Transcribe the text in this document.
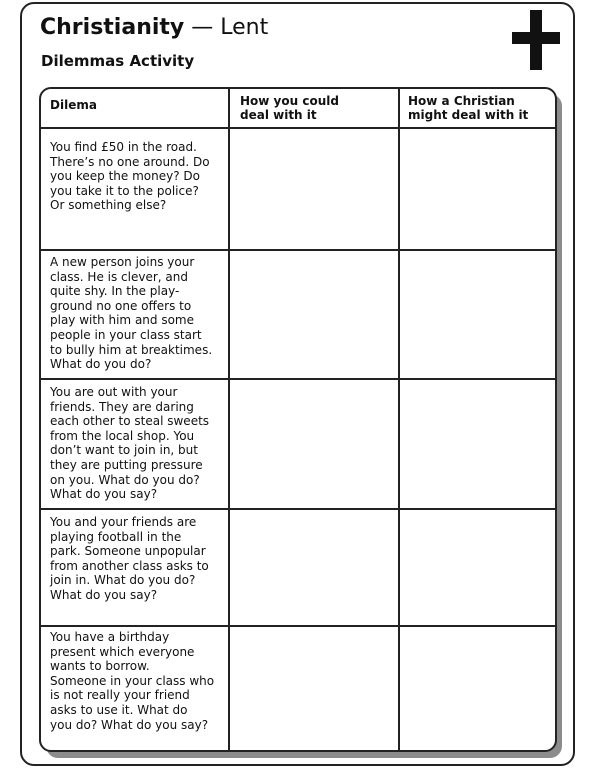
Christianity — Lent
Dilemmas Activity
Dilema	How you could
deal with it
How a Christian
might deal with it
You find £50 in the road.
There’s no one around. Do
you keep the money? Do
you take it to the police?
Or something else?
A new person joins your
class. He is clever, and
quite shy. In the play-
ground no one offers to
play with him and some
people in your class start
to bully him at breaktimes.
What do you do?
You are out with your
friends. They are daring
each other to steal sweets
from the local shop. You
don’t want to join in, but
they are putting pressure
on you. What do you do?
What do you say?
You and your friends are
playing football in the
park. Someone unpopular
from another class asks to
join in. What do you do?
What do you say?
You have a birthday
present which everyone
wants to borrow.
Someone in your class who
is not really your friend
asks to use it. What do
you do? What do you say?
